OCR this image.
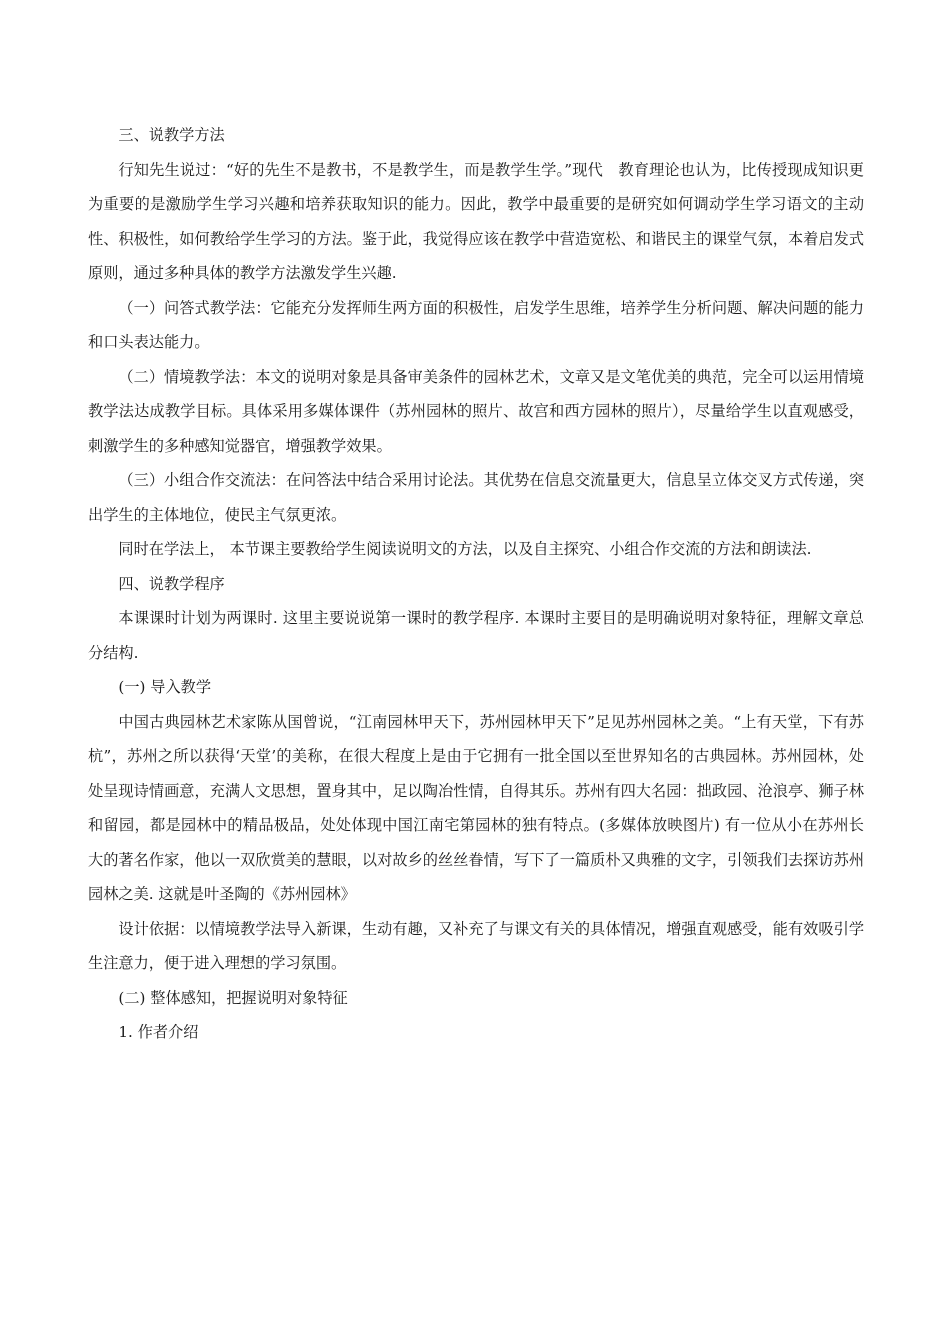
三、说教学方法

行知先生说过：“好的先生不是教书，不是教学生，而是教学生学。”现代　教育理论也认为，比传授现成知识更为重要的是激励学生学习兴趣和培养获取知识的能力。因此，教学中最重要的是研究如何调动学生学习语文的主动性、积极性，如何教给学生学习的方法。鉴于此，我觉得应该在教学中营造宽松、和谐民主的课堂气氛，本着启发式原则，通过多种具体的教学方法激发学生兴趣.

（一）问答式教学法：它能充分发挥师生两方面的积极性，启发学生思维，培养学生分析问题、解决问题的能力和口头表达能力。

（二）情境教学法：本文的说明对象是具备审美条件的园林艺术，文章又是文笔优美的典范，完全可以运用情境教学法达成教学目标。具体采用多媒体课件（苏州园林的照片、故宫和西方园林的照片），尽量给学生以直观感受，刺激学生的多种感知觉器官，增强教学效果。

（三）小组合作交流法：在问答法中结合采用讨论法。其优势在信息交流量更大，信息呈立体交叉方式传递，突出学生的主体地位，使民主气氛更浓。

同时在学法上， 本节课主要教给学生阅读说明文的方法，以及自主探究、小组合作交流的方法和朗读法.

四、说教学程序

本课课时计划为两课时. 这里主要说说第一课时的教学程序. 本课时主要目的是明确说明对象特征，理解文章总分结构.

(一) 导入教学

中国古典园林艺术家陈从国曾说，“江南园林甲天下，苏州园林甲天下”足见苏州园林之美。“上有天堂，下有苏杭”，苏州之所以获得‘天堂’的美称，在很大程度上是由于它拥有一批全国以至世界知名的古典园林。苏州园林，处处呈现诗情画意，充满人文思想，置身其中，足以陶冶性情，自得其乐。苏州有四大名园：拙政园、沧浪亭、狮子林和留园，都是园林中的精品极品，处处体现中国江南宅第园林的独有特点。(多媒体放映图片) 有一位从小在苏州长大的著名作家，他以一双欣赏美的慧眼，以对故乡的丝丝眷情，写下了一篇质朴又典雅的文字，引领我们去探访苏州园林之美. 这就是叶圣陶的《苏州园林》

设计依据：以情境教学法导入新课，生动有趣，又补充了与课文有关的具体情况，增强直观感受，能有效吸引学生注意力，便于进入理想的学习氛围。

(二) 整体感知，把握说明对象特征

1. 作者介绍
